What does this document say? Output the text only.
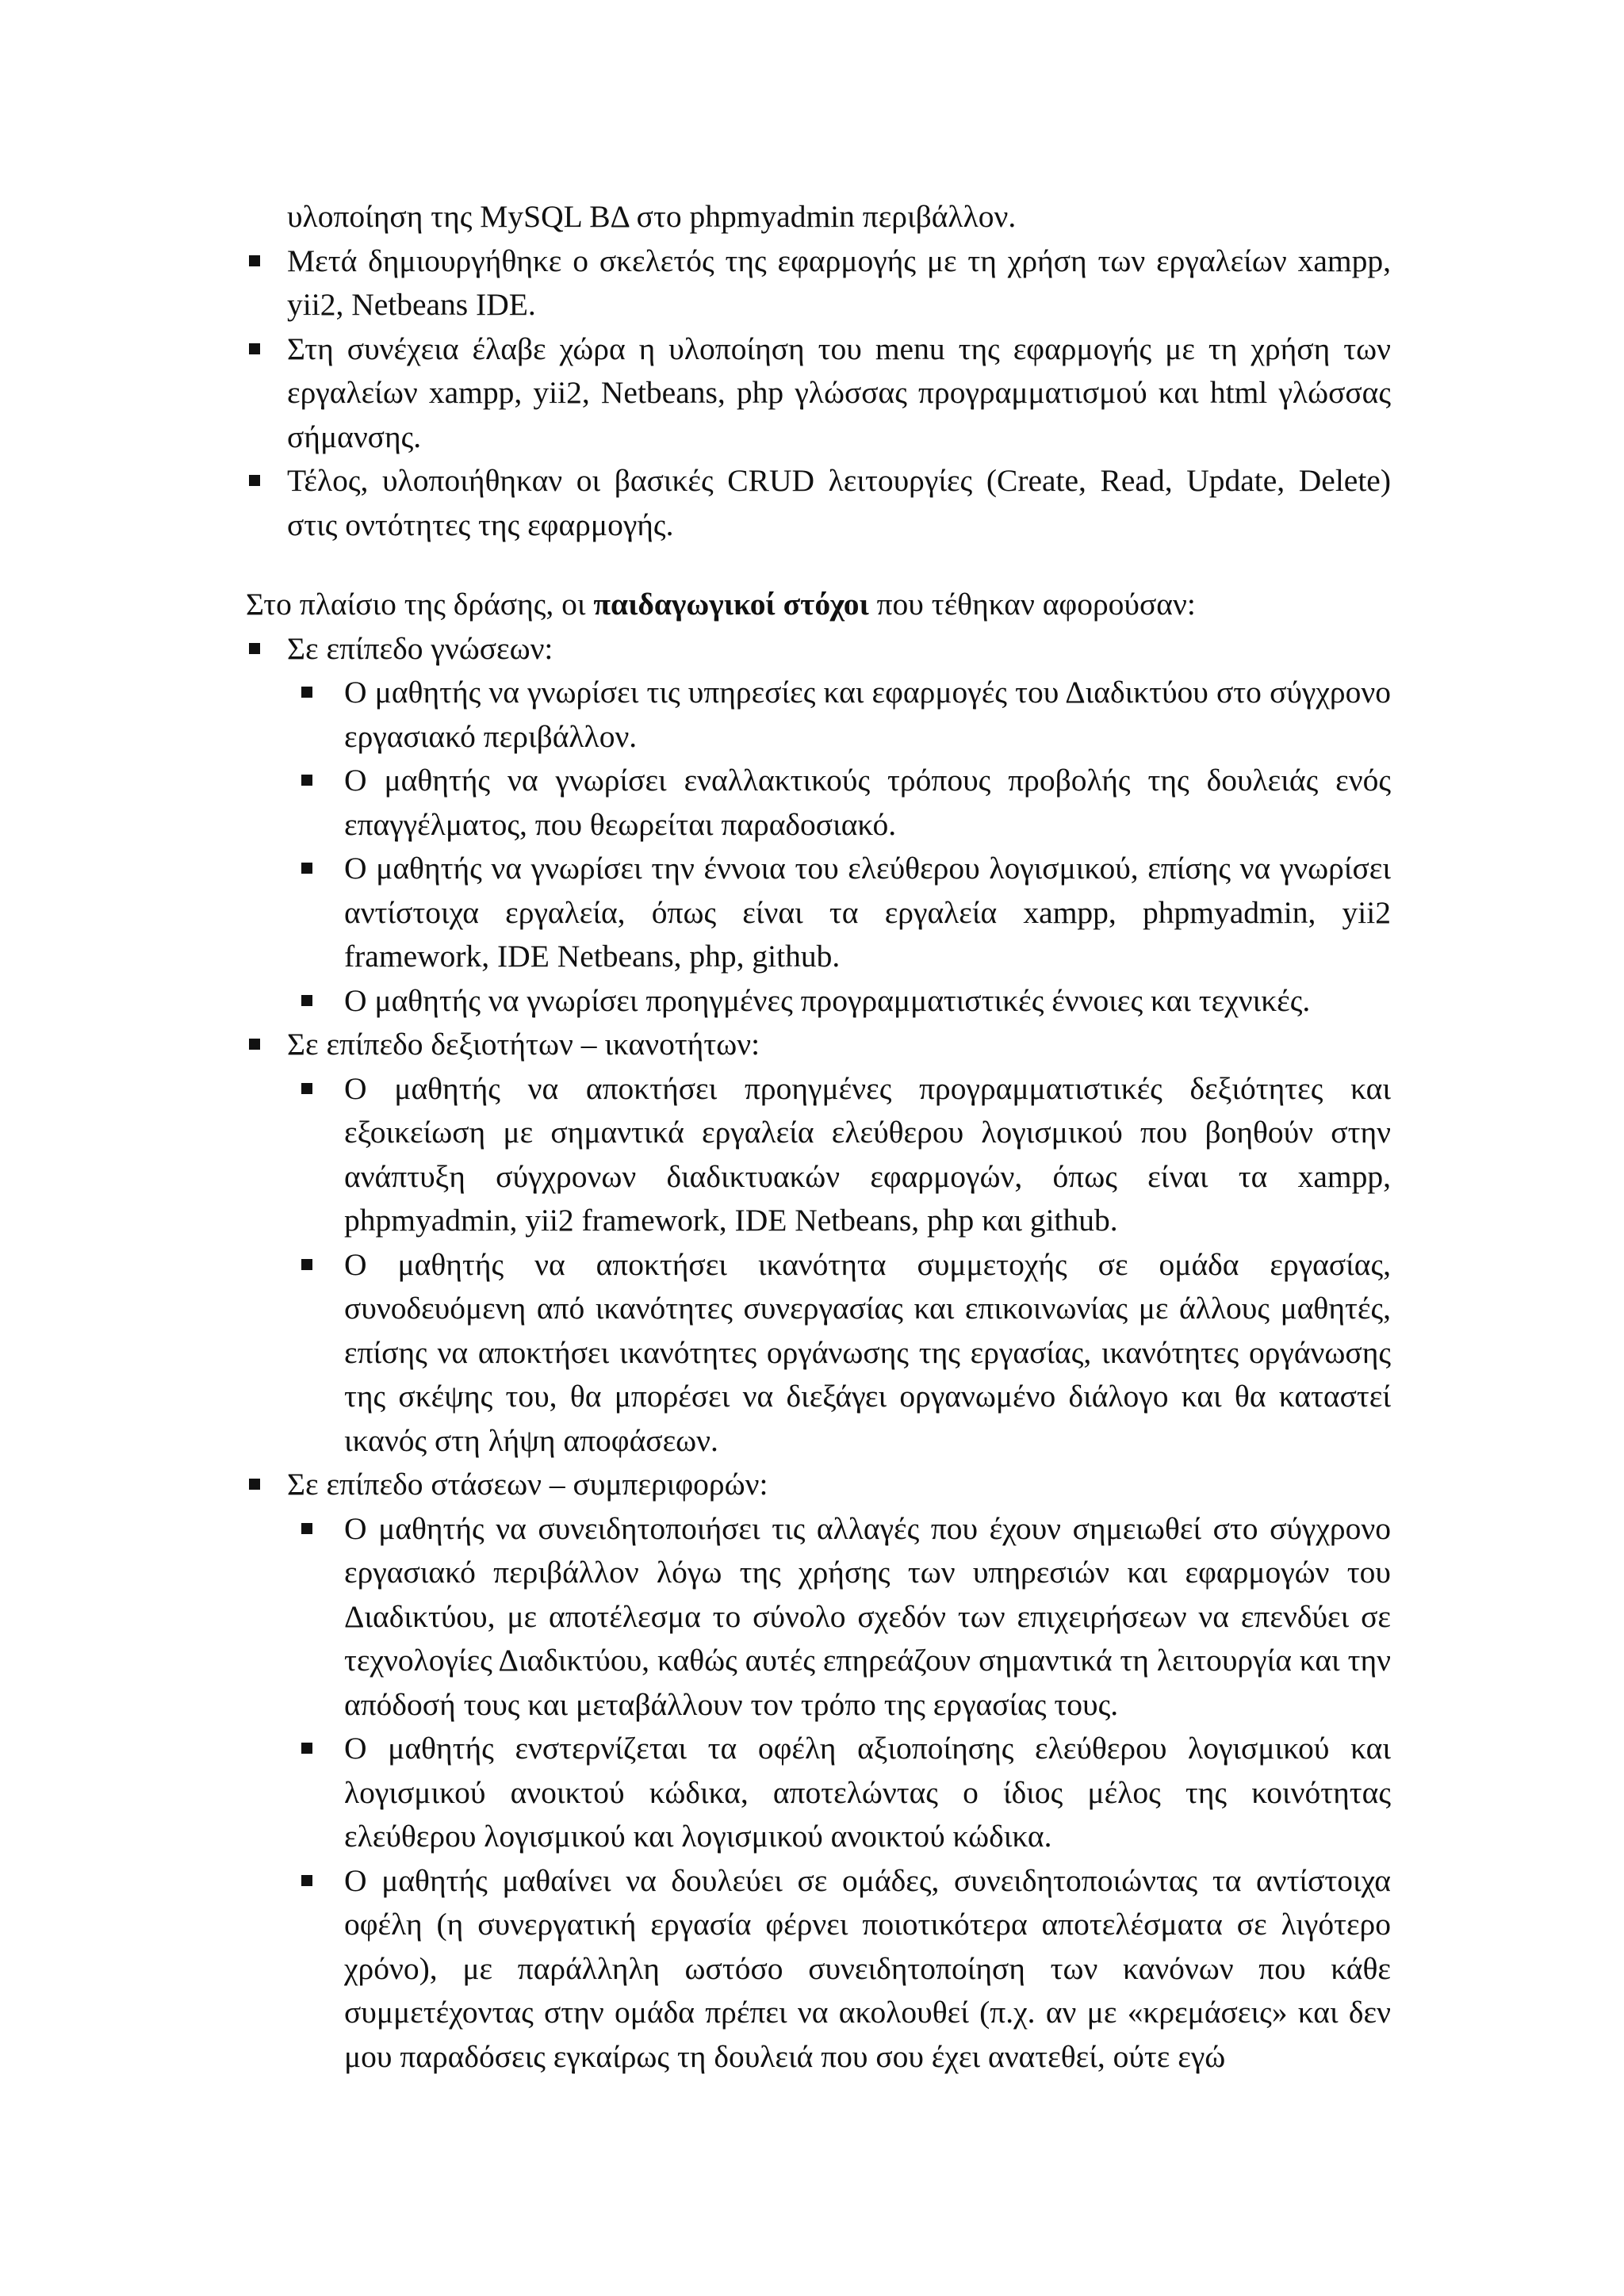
υλοποίηση της MySQL ΒΔ στο phpmyadmin περιβάλλον.

Μετά δημιουργήθηκε ο σκελετός της εφαρμογής με τη χρήση των εργαλείων xampp, yii2, Netbeans IDE.
Στη συνέχεια έλαβε χώρα η υλοποίηση του menu της εφαρμογής με τη χρήση των εργαλείων xampp, yii2, Netbeans, php γλώσσας προγραμματισμού και html γλώσσας σήμανσης.
Τέλος, υλοποιήθηκαν οι βασικές CRUD λειτουργίες (Create, Read, Update, Delete) στις οντότητες της εφαρμογής.

Στο πλαίσιο της δράσης, οι παιδαγωγικοί στόχοι που τέθηκαν αφορούσαν:

Σε επίπεδο γνώσεων:
Ο μαθητής να γνωρίσει τις υπηρεσίες και εφαρμογές του Διαδικτύου στο σύγχρονο εργασιακό περιβάλλον.
Ο μαθητής να γνωρίσει εναλλακτικούς τρόπους προβολής της δουλειάς ενός επαγγέλματος, που θεωρείται παραδοσιακό.
Ο μαθητής να γνωρίσει την έννοια του ελεύθερου λογισμικού, επίσης να γνωρίσει αντίστοιχα εργαλεία, όπως είναι τα εργαλεία xampp, phpmyadmin, yii2 framework, IDE Netbeans, php, github.
Ο μαθητής να γνωρίσει προηγμένες προγραμματιστικές έννοιες και τεχνικές.
Σε επίπεδο δεξιοτήτων – ικανοτήτων:
Ο μαθητής να αποκτήσει προηγμένες προγραμματιστικές δεξιότητες και εξοικείωση με σημαντικά εργαλεία ελεύθερου λογισμικού που βοηθούν στην ανάπτυξη σύγχρονων διαδικτυακών εφαρμογών, όπως είναι τα xampp, phpmyadmin, yii2 framework, IDE Netbeans, php και github.
Ο μαθητής να αποκτήσει ικανότητα συμμετοχής σε ομάδα εργασίας, συνοδευόμενη από ικανότητες συνεργασίας και επικοινωνίας με άλλους μαθητές, επίσης να αποκτήσει ικανότητες οργάνωσης της εργασίας, ικανότητες οργάνωσης της σκέψης του, θα μπορέσει να διεξάγει οργανωμένο διάλογο και θα καταστεί ικανός στη λήψη αποφάσεων.
Σε επίπεδο στάσεων – συμπεριφορών:
Ο μαθητής να συνειδητοποιήσει τις αλλαγές που έχουν σημειωθεί στο σύγχρονο εργασιακό περιβάλλον λόγω της χρήσης των υπηρεσιών και εφαρμογών του Διαδικτύου, με αποτέλεσμα το σύνολο σχεδόν των επιχειρήσεων να επενδύει σε τεχνολογίες Διαδικτύου, καθώς αυτές επηρεάζουν σημαντικά τη λειτουργία και την απόδοσή τους και μεταβάλλουν τον τρόπο της εργασίας τους.
Ο μαθητής ενστερνίζεται τα οφέλη αξιοποίησης ελεύθερου λογισμικού και λογισμικού ανοικτού κώδικα, αποτελώντας ο ίδιος μέλος της κοινότητας ελεύθερου λογισμικού και λογισμικού ανοικτού κώδικα.
Ο μαθητής μαθαίνει να δουλεύει σε ομάδες, συνειδητοποιώντας τα αντίστοιχα οφέλη (η συνεργατική εργασία φέρνει ποιοτικότερα αποτελέσματα σε λιγότερο χρόνο), με παράλληλη ωστόσο συνειδητοποίηση των κανόνων που κάθε συμμετέχοντας στην ομάδα πρέπει να ακολουθεί (π.χ. αν με «κρεμάσεις» και δεν μου παραδόσεις εγκαίρως τη δουλειά που σου έχει ανατεθεί, ούτε εγώ
